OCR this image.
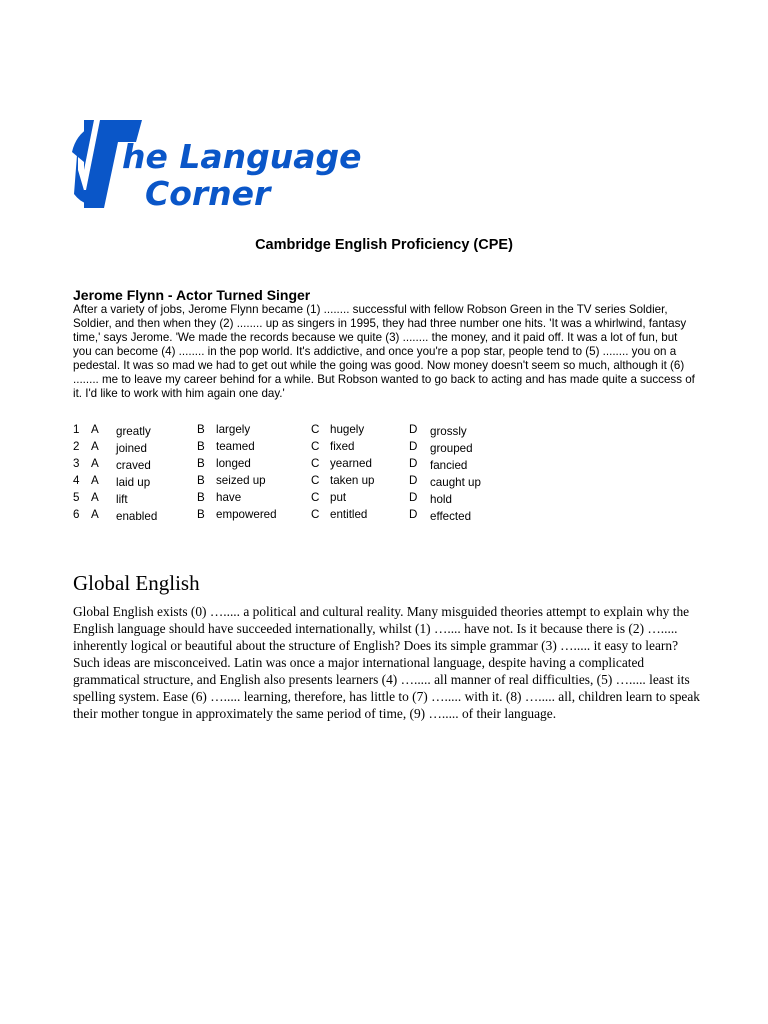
he Language
Corner
Cambridge English Proficiency (CPE)
Jerome Flynn - Actor Turned Singer
After a variety of jobs, Jerome Flynn became (1) ........ successful with fellow Robson Green in the TV series Soldier, Soldier, and then when they (2) ........ up as singers in 1995, they had three number one hits. 'It was a whirlwind, fantasy time,' says Jerome. 'We made the records because we quite (3) ........ the money, and it paid off. It was a lot of fun, but you can become (4) ........ in the pop world. It's addictive, and once you're a pop star, people tend to (5) ........ you on a pedestal. It was so mad we had to get out while the going was good. Now money doesn't seem so much, although it (6) ........ me to leave my career behind for a while. But Robson wanted to go back to acting and has made quite a success of it. I'd like to work with him again one day.'
1 A greatly	B largely	C hugely	D grossly
2 A joined	B teamed	C fixed	D grouped
3 A craved	B longed	C yearned	D fancied
4 A laid up	B seized up	C taken up	D caught up
5 A lift	B have	C put	D hold
6 A enabled	B empowered	C entitled	D effected
Global English
Global English exists (0) …..... a political and cultural reality. Many misguided theories attempt to explain why the English language should have succeeded internationally, whilst (1) ….... have not. Is it because there is (2) …..... inherently logical or beautiful about the structure of English? Does its simple grammar (3) …..... it easy to learn? Such ideas are misconceived. Latin was once a major international language, despite having a complicated grammatical structure, and English also presents learners (4) …..... all manner of real difficulties, (5) …..... least its spelling system. Ease (6) …..... learning, therefore, has little to (7) …..... with it. (8) …..... all, children learn to speak their mother tongue in approximately the same period of time, (9) …..... of their language.
